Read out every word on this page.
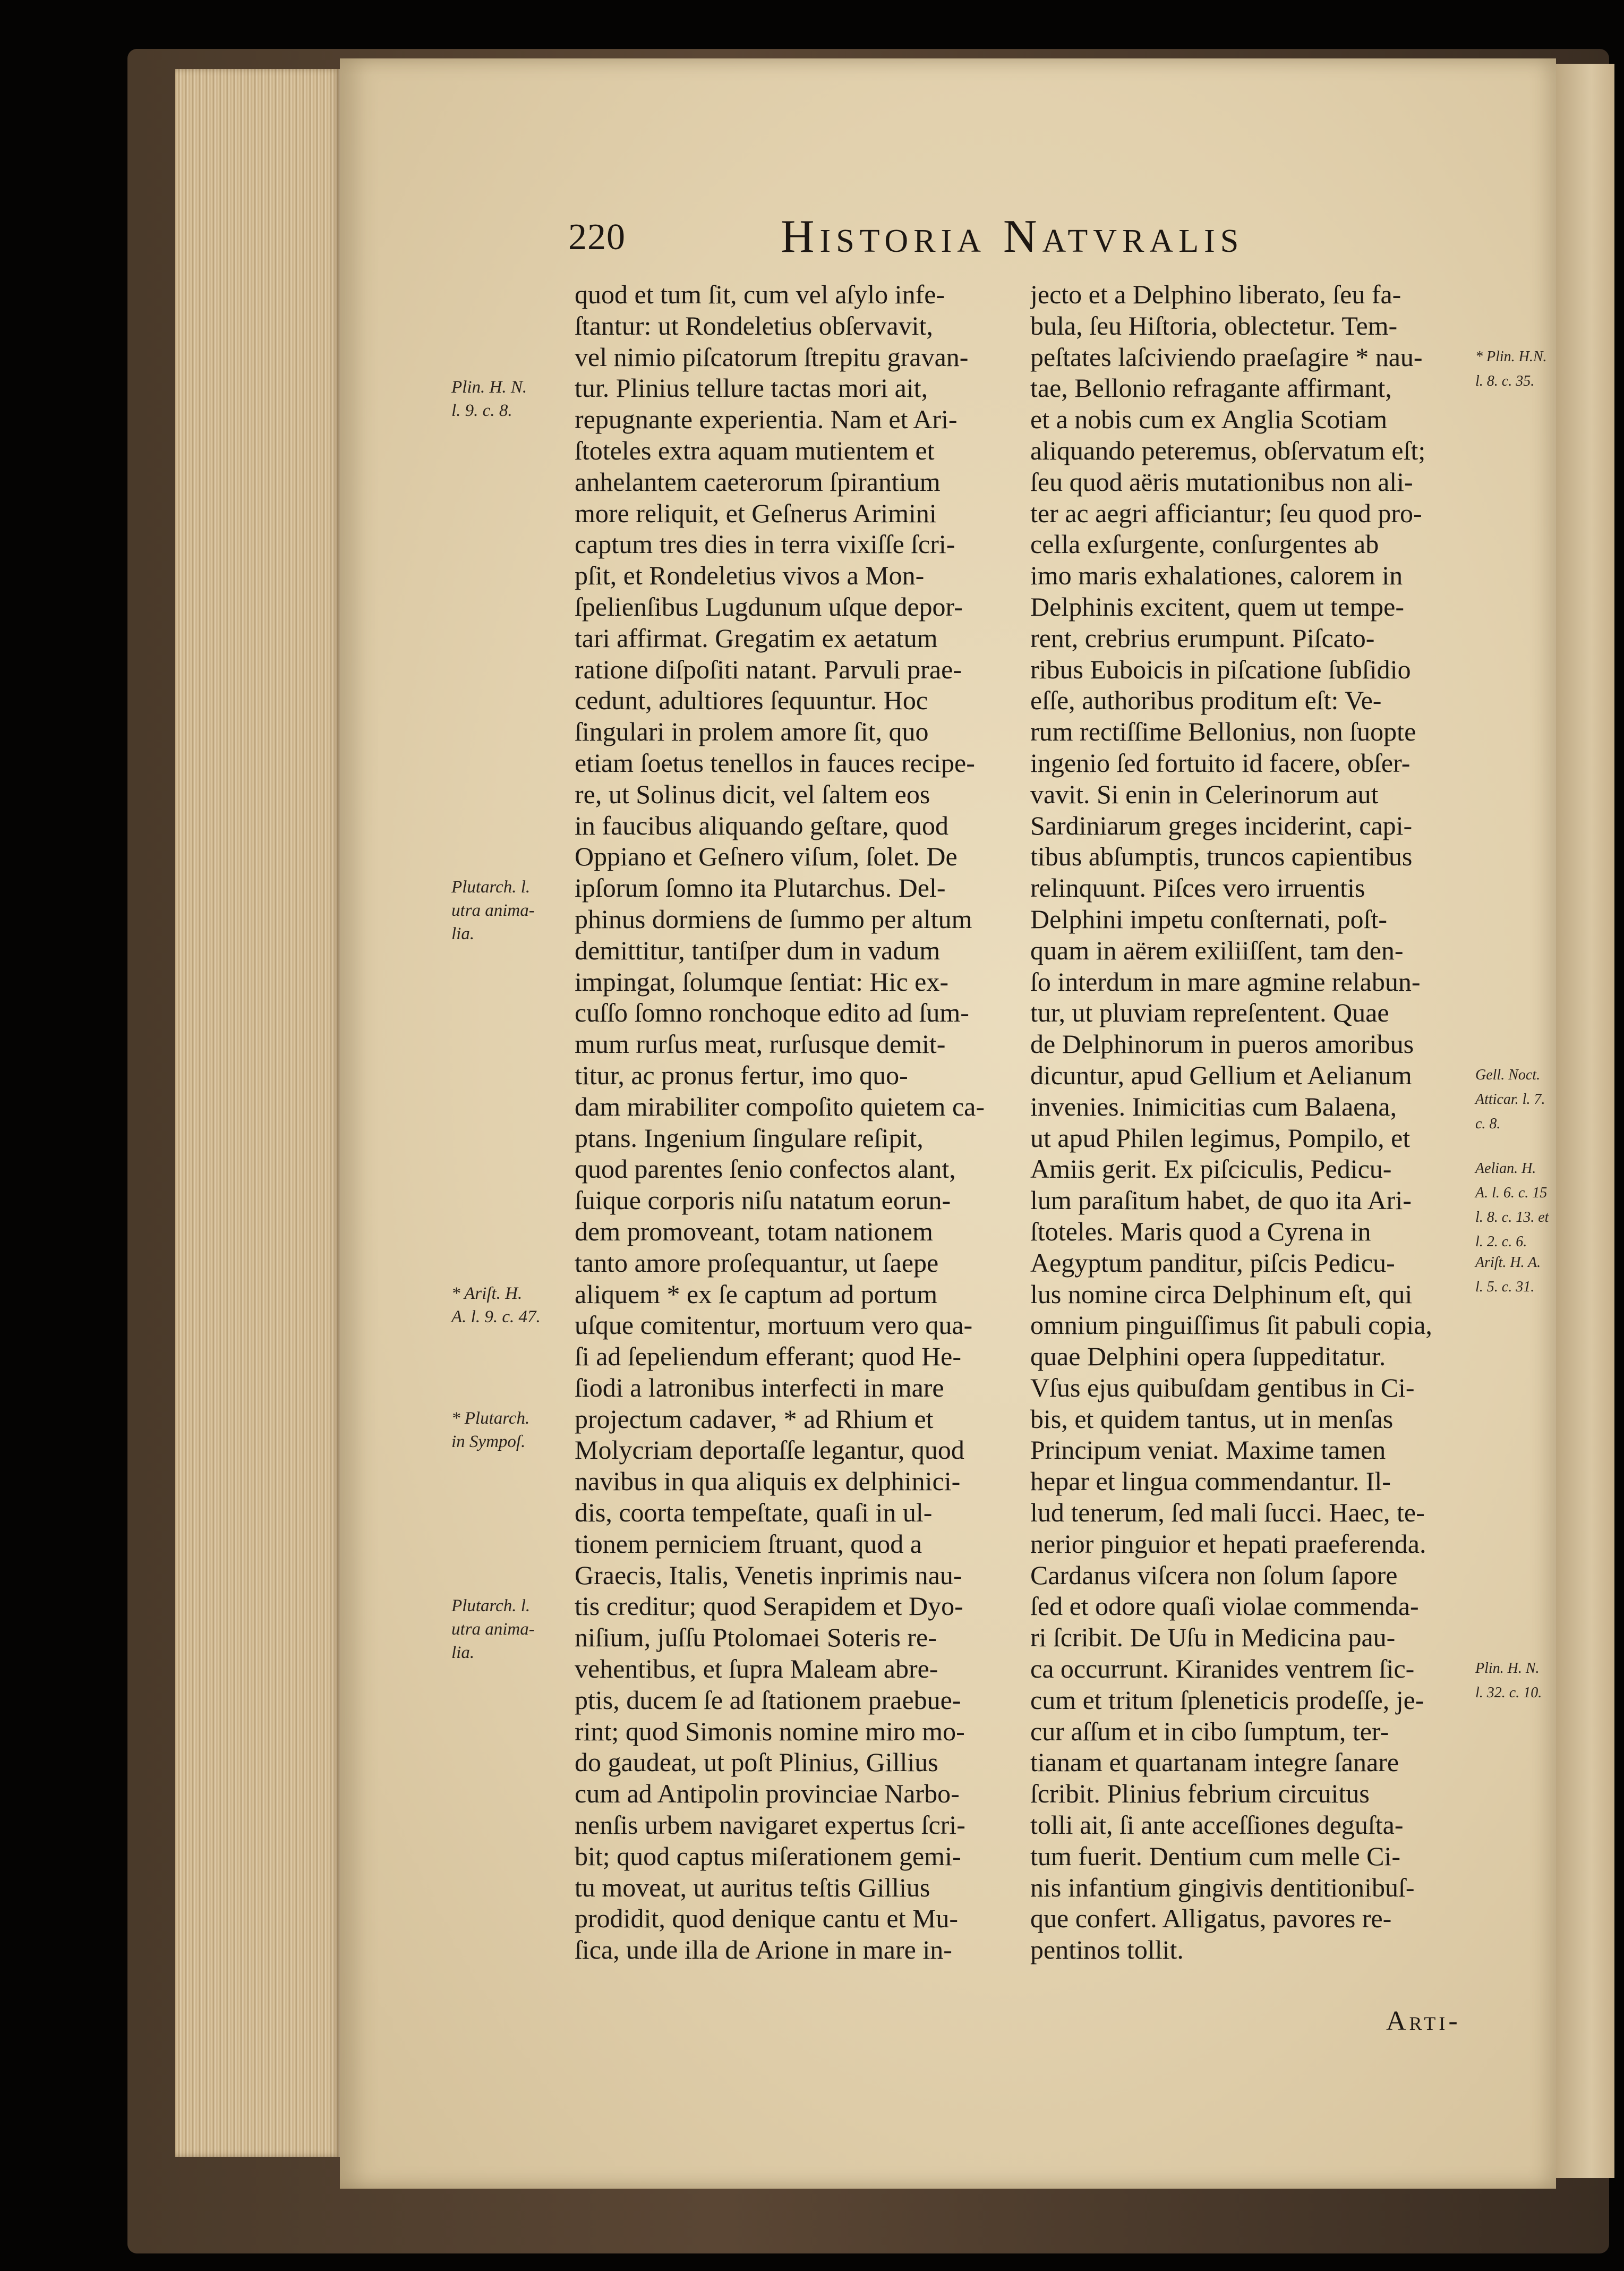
220	Historia Natvralis
quod et tum ſit, cum vel aſylo infe-
ſtantur: ut Rondeletius obſervavit,
vel nimio piſcatorum ſtrepitu gravan-
tur. Plinius tellure tactas mori ait,
repugnante experientia. Nam et Ari-
ſtoteles extra aquam mutientem et
anhelantem caeterorum ſpirantium
more reliquit, et Geſnerus Arimini
captum tres dies in terra vixiſſe ſcri-
pſit, et Rondeletius vivos a Mon-
ſpelienſibus Lugdunum uſque depor-
tari affirmat. Gregatim ex aetatum
ratione diſpoſiti natant. Parvuli prae-
cedunt, adultiores ſequuntur. Hoc
ſingulari in prolem amore ſit, quo
etiam ſoetus tenellos in fauces recipe-
re, ut Solinus dicit, vel ſaltem eos
in faucibus aliquando geſtare, quod
Oppiano et Geſnero viſum, ſolet. De
ipſorum ſomno ita Plutarchus. Del-
phinus dormiens de ſummo per altum
demittitur, tantiſper dum in vadum
impingat, ſolumque ſentiat: Hic ex-
cuſſo ſomno ronchoque edito ad ſum-
mum rurſus meat, rurſusque demit-
titur, ac pronus fertur, imo quo-
dam mirabiliter compoſito quietem ca-
ptans. Ingenium ſingulare reſipit,
quod parentes ſenio confectos alant,
ſuique corporis niſu natatum eorun-
dem promoveant, totam nationem
tanto amore proſequantur, ut ſaepe
aliquem * ex ſe captum ad portum
uſque comitentur, mortuum vero qua-
ſi ad ſepeliendum efferant; quod He-
ſiodi a latronibus interfecti in mare
projectum cadaver, * ad Rhium et
Molycriam deportaſſe legantur, quod
navibus in qua aliquis ex delphinici-
dis, coorta tempeſtate, quaſi in ul-
tionem perniciem ſtruant, quod a
Graecis, Italis, Venetis inprimis nau-
tis creditur; quod Serapidem et Dyo-
niſium, juſſu Ptolomaei Soteris re-
vehentibus, et ſupra Maleam abre-
ptis, ducem ſe ad ſtationem praebue-
rint; quod Simonis nomine miro mo-
do gaudeat, ut poſt Plinius, Gillius
cum ad Antipolin provinciae Narbo-
nenſis urbem navigaret expertus ſcri-
bit; quod captus miſerationem gemi-
tu moveat, ut auritus teſtis Gillius
prodidit, quod denique cantu et Mu-
ſica, unde illa de Arione in mare in-
jecto et a Delphino liberato, ſeu fa-
bula, ſeu Hiſtoria, oblectetur. Tem-
peſtates laſciviendo praeſagire * nau-
tae, Bellonio refragante affirmant,
et a nobis cum ex Anglia Scotiam
aliquando peteremus, obſervatum eſt;
ſeu quod aëris mutationibus non ali-
ter ac aegri afficiantur; ſeu quod pro-
cella exſurgente, conſurgentes ab
imo maris exhalationes, calorem in
Delphinis excitent, quem ut tempe-
rent, crebrius erumpunt. Piſcato-
ribus Euboicis in piſcatione ſubſidio
eſſe, authoribus proditum eſt: Ve-
rum rectiſſime Bellonius, non ſuopte
ingenio ſed fortuito id facere, obſer-
vavit. Si enin in Celerinorum aut
Sardiniarum greges inciderint, capi-
tibus abſumptis, truncos capientibus
relinquunt. Piſces vero irruentis
Delphini impetu conſternati, poſt-
quam in aërem exiliiſſent, tam den-
ſo interdum in mare agmine relabun-
tur, ut pluviam repreſentent. Quae
de Delphinorum in pueros amoribus
dicuntur, apud Gellium et Aelianum
invenies. Inimicitias cum Balaena,
ut apud Philen legimus, Pompilo, et
Amiis gerit. Ex piſciculis, Pedicu-
lum paraſitum habet, de quo ita Ari-
ſtoteles. Maris quod a Cyrena in
Aegyptum panditur, piſcis Pedicu-
lus nomine circa Delphinum eſt, qui
omnium pinguiſſimus ſit pabuli copia,
quae Delphini opera ſuppeditatur.
Vſus ejus quibuſdam gentibus in Ci-
bis, et quidem tantus, ut in menſas
Principum veniat. Maxime tamen
hepar et lingua commendantur. Il-
lud tenerum, ſed mali ſucci. Haec, te-
nerior pinguior et hepati praeferenda.
Cardanus viſcera non ſolum ſapore
ſed et odore quaſi violae commenda-
ri ſcribit. De Uſu in Medicina pau-
ca occurrunt. Kiranides ventrem ſic-
cum et tritum ſpleneticis prodeſſe, je-
cur aſſum et in cibo ſumptum, ter-
tianam et quartanam integre ſanare
ſcribit. Plinius febrium circuitus
tolli ait, ſi ante acceſſiones deguſta-
tum fuerit. Dentium cum melle Ci-
nis infantium gingivis dentitionibuſ-
que confert. Alligatus, pavores re-
pentinos tollit.
Plin. H. N.
l. 9. c. 8.
Plutarch. l.
utra anima-
lia.
* Ariſt. H.
A. l. 9. c. 47.
* Plutarch.
in Sympoſ.
Plutarch. l.
utra anima-
lia.
* Plin. H.N.
l. 8. c. 35.
Gell. Noct.
Atticar. l. 7.
c. 8.
Aelian. H.
A. l. 6. c. 15
l. 8. c. 13. et
l. 2. c. 6.
Ariſt. H. A.
l. 5. c. 31.
Plin. H. N.
l. 32. c. 10.
Arti-
